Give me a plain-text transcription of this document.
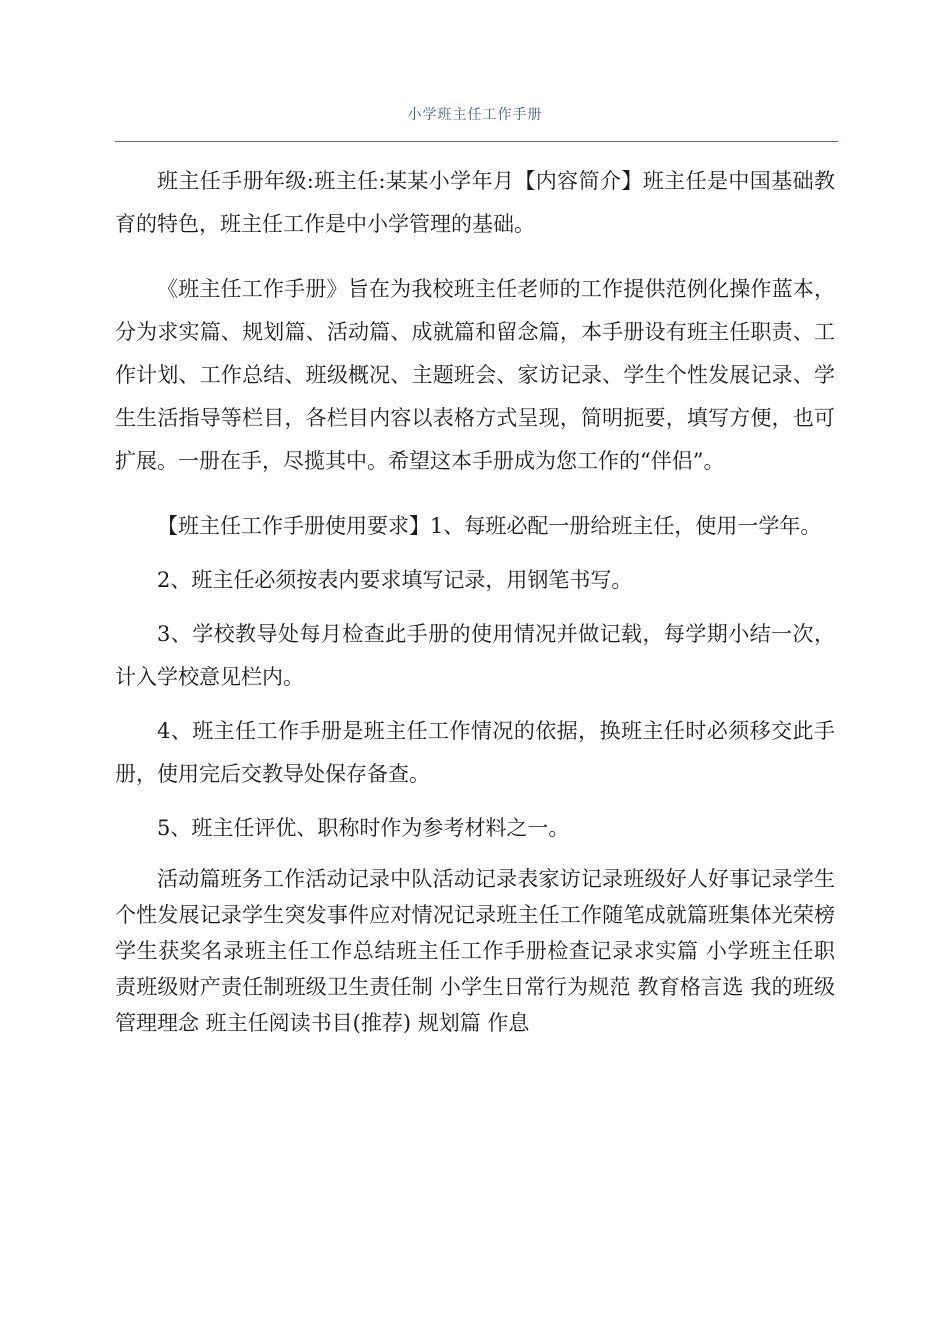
小学班主任工作手册

班主任手册年级:班主任:某某小学年月【内容简介】班主任是中国基础教育的特色，班主任工作是中小学管理的基础。

《班主任工作手册》旨在为我校班主任老师的工作提供范例化操作蓝本，分为求实篇、规划篇、活动篇、成就篇和留念篇，本手册设有班主任职责、工作计划、工作总结、班级概况、主题班会、家访记录、学生个性发展记录、学生生活指导等栏目，各栏目内容以表格方式呈现，简明扼要，填写方便，也可扩展。一册在手，尽揽其中。希望这本手册成为您工作的“伴侣”。

【班主任工作手册使用要求】1、每班必配一册给班主任，使用一学年。

2、班主任必须按表内要求填写记录，用钢笔书写。

3、学校教导处每月检查此手册的使用情况并做记载，每学期小结一次，计入学校意见栏内。

4、班主任工作手册是班主任工作情况的依据，换班主任时必须移交此手册，使用完后交教导处保存备查。

5、班主任评优、职称时作为参考材料之一。

活动篇班务工作活动记录中队活动记录表家访记录班级好人好事记录学生个性发展记录学生突发事件应对情况记录班主任工作随笔成就篇班集体光荣榜学生获奖名录班主任工作总结班主任工作手册检查记录求实篇 小学班主任职责班级财产责任制班级卫生责任制 小学生日常行为规范 教育格言选 我的班级管理理念 班主任阅读书目(推荐) 规划篇 作息
